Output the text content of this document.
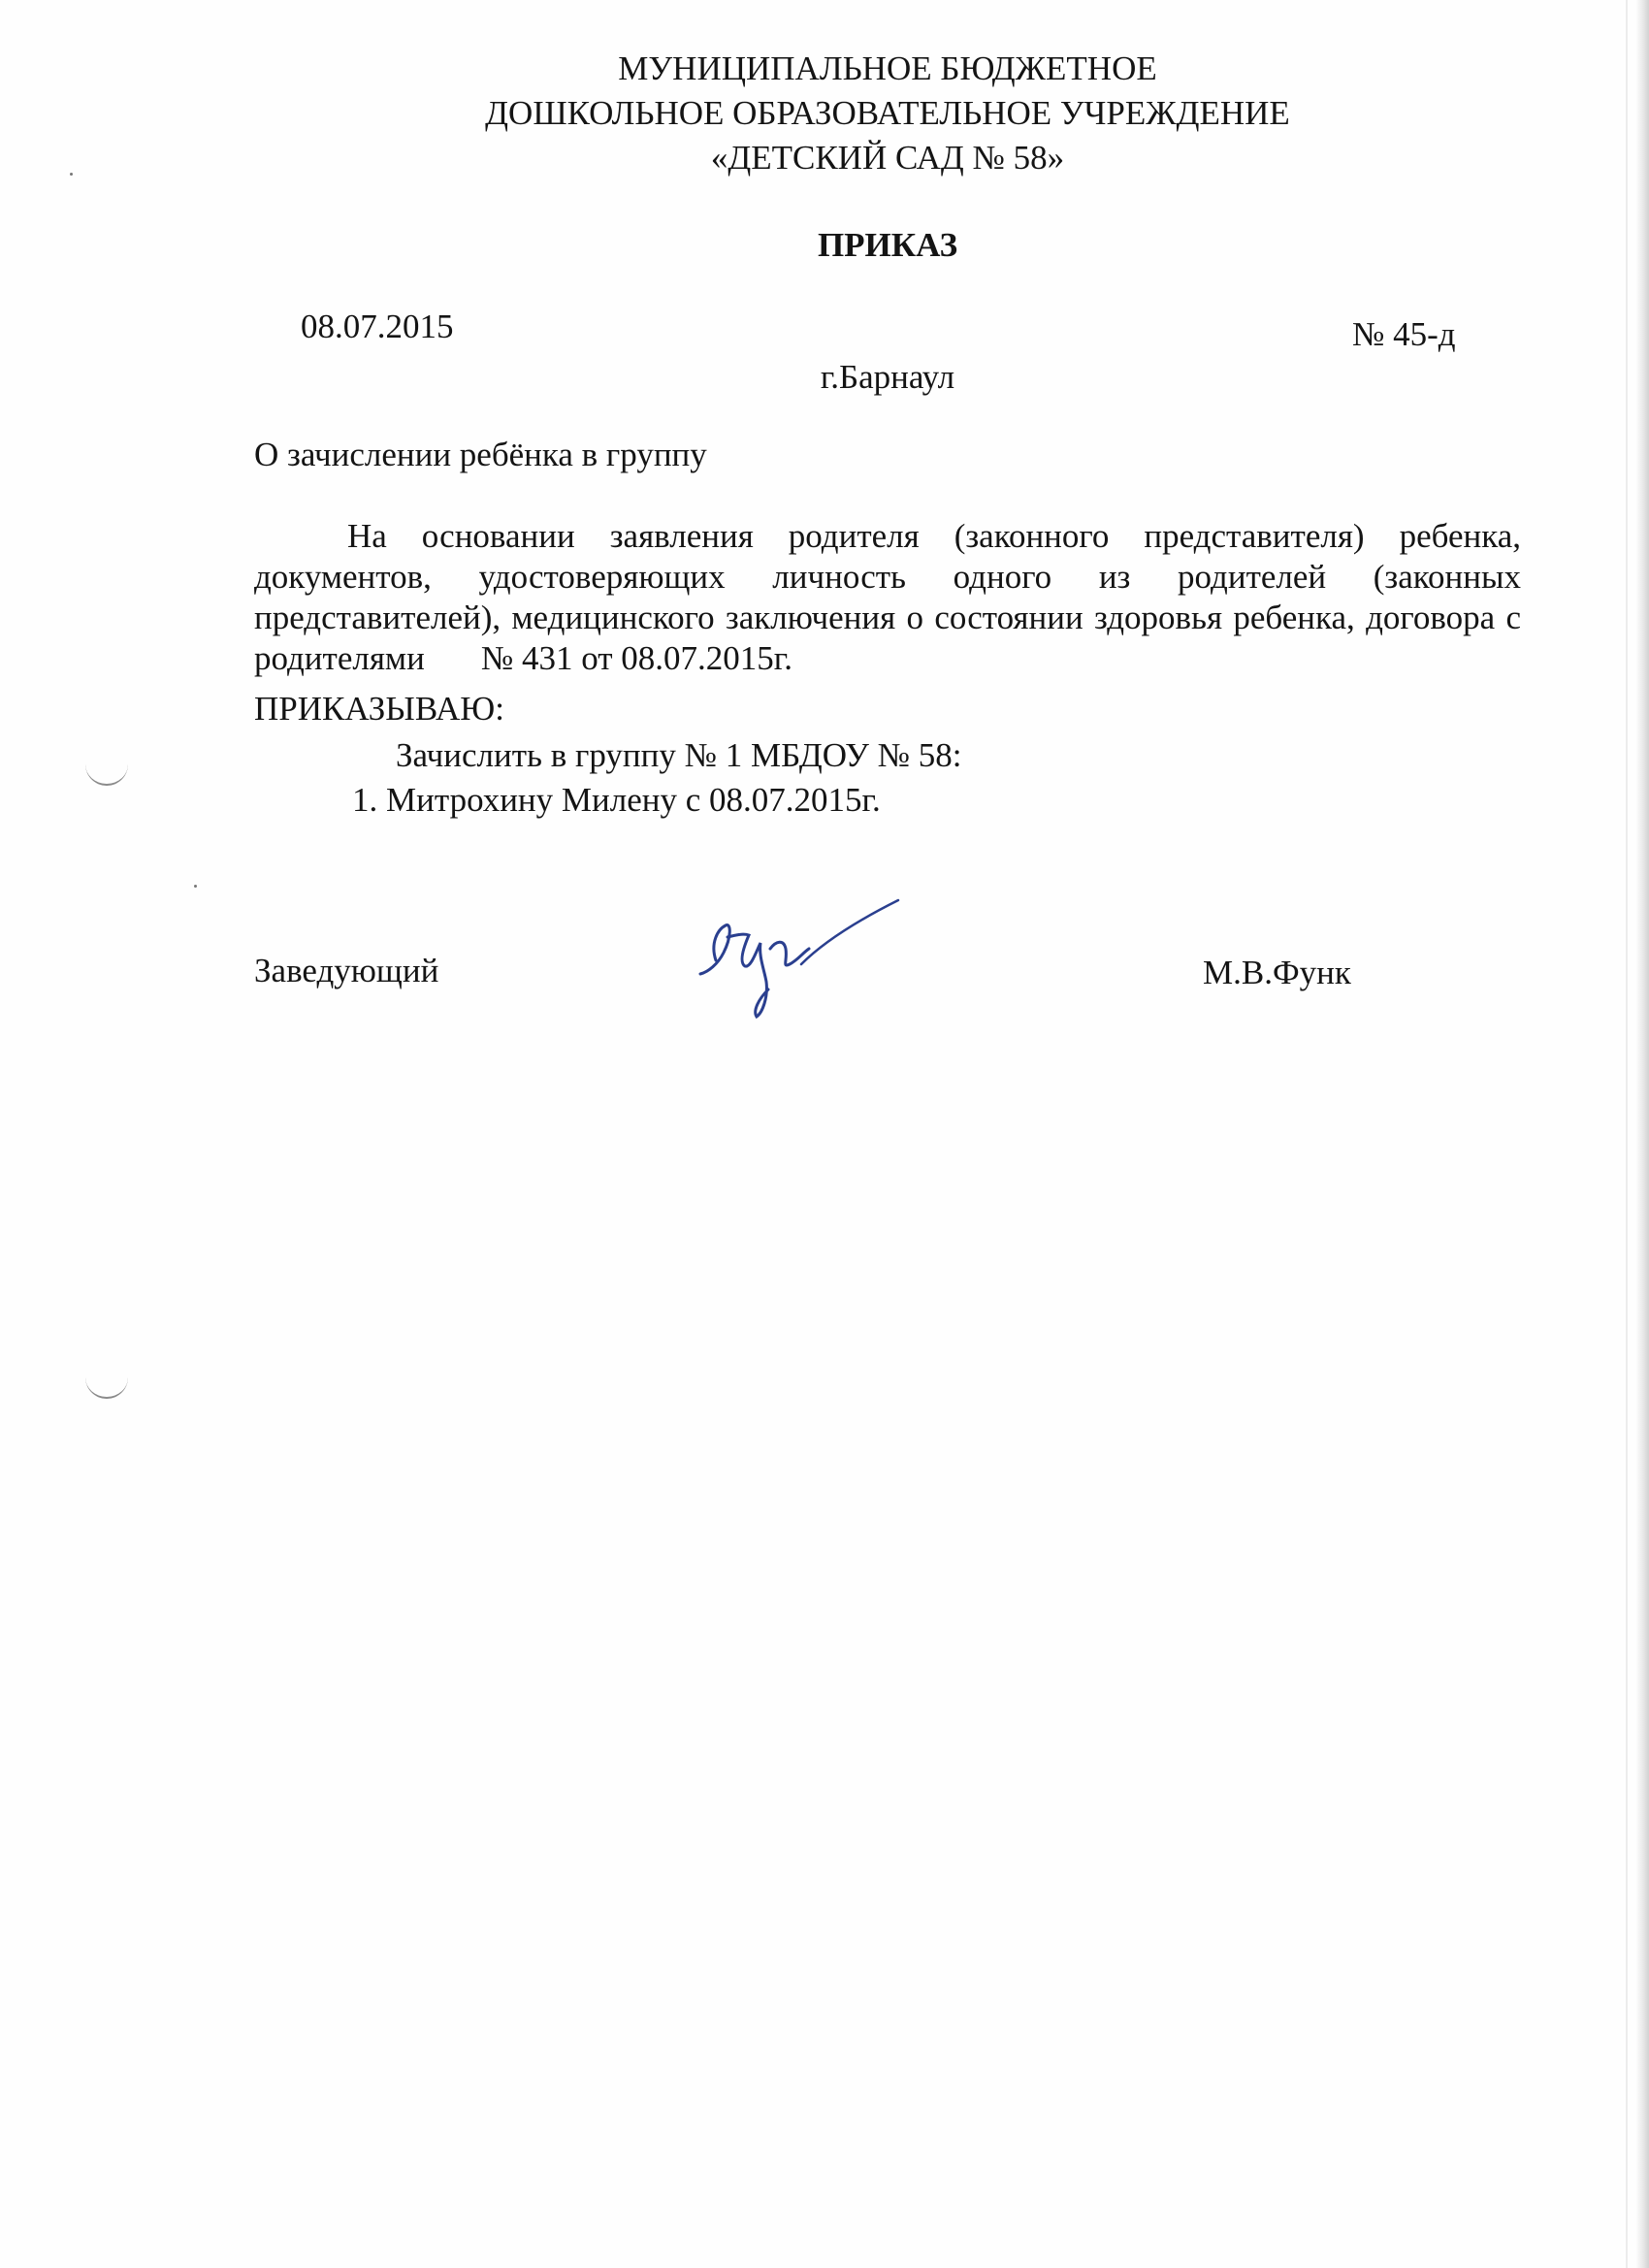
МУНИЦИПАЛЬНОЕ БЮДЖЕТНОЕ
ДОШКОЛЬНОЕ ОБРАЗОВАТЕЛЬНОЕ УЧРЕЖДЕНИЕ
«ДЕТСКИЙ САД № 58»
ПРИКАЗ
08.07.2015	№ 45-д
г.Барнаул
О зачислении ребёнка в группу

На основании заявления родителя (законного представителя) ребенка, документов, удостоверяющих личность одного из родителей (законных представителей), медицинского заключения о состоянии здоровья ребенка, договора с родителями № 431 от 08.07.2015г.

ПРИКАЗЫВАЮ:
Зачислить в группу № 1 МБДОУ № 58:
1. Митрохину Милену с 08.07.2015г.
Заведующий	М.В.Функ
